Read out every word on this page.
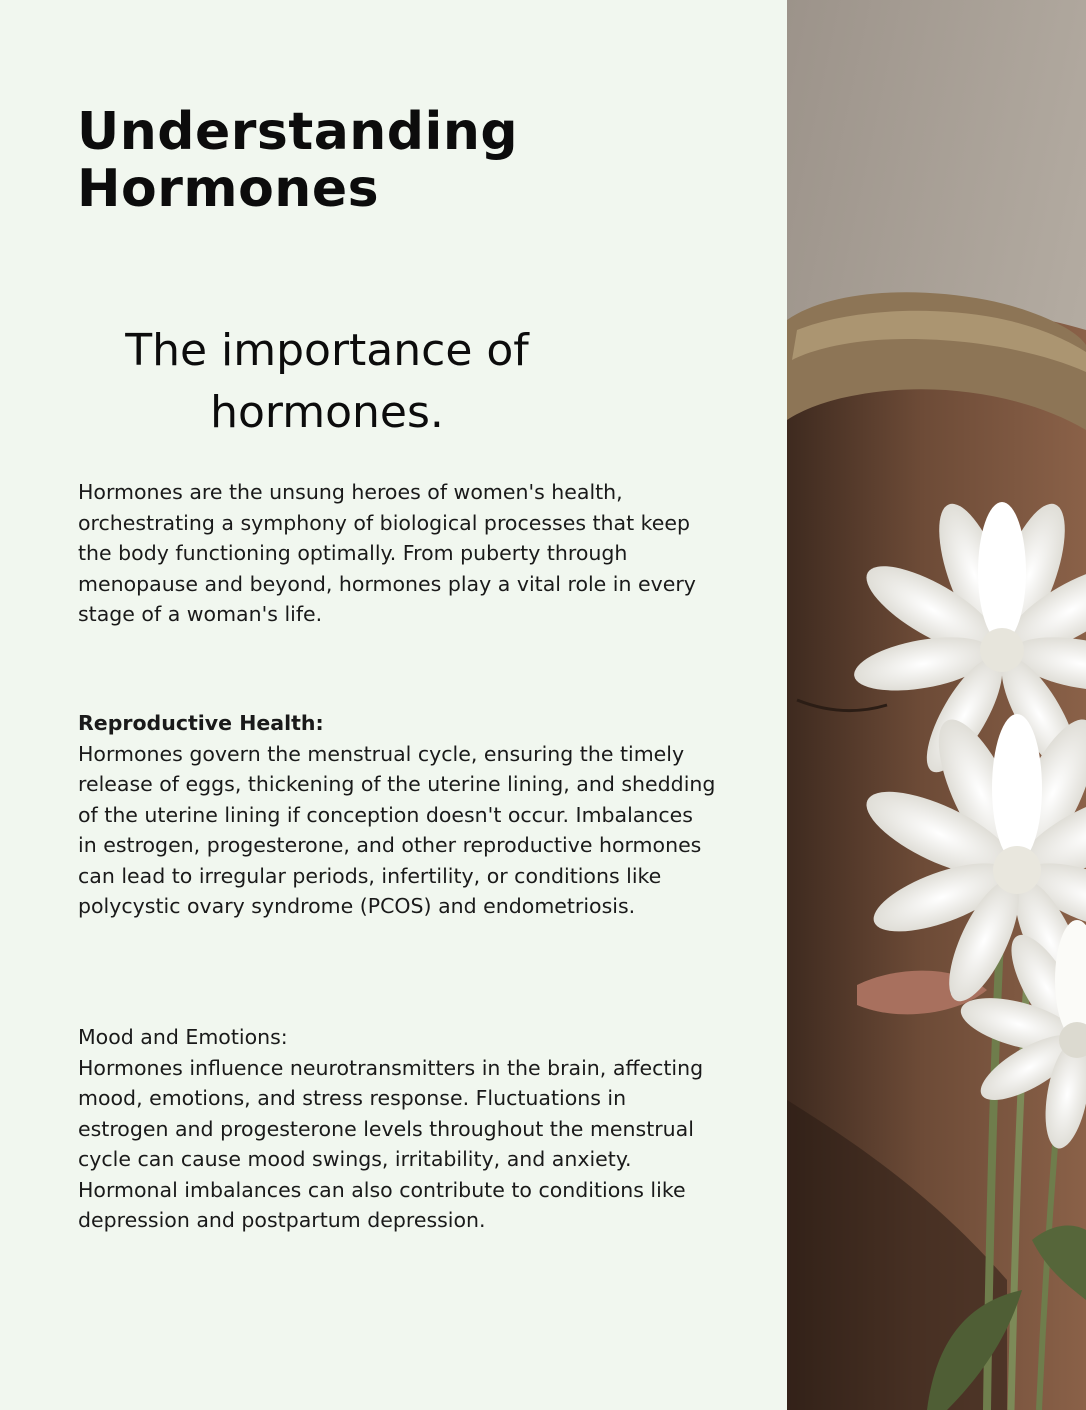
Understanding Hormones
The importance of hormones.

Hormones are the unsung heroes of women's health, orchestrating a symphony of biological processes that keep the body functioning optimally. From puberty through menopause and beyond, hormones play a vital role in every stage of a woman's life.

Reproductive Health:
Hormones govern the menstrual cycle, ensuring the timely release of eggs, thickening of the uterine lining, and shedding of the uterine lining if conception doesn't occur. Imbalances in estrogen, progesterone, and other reproductive hormones can lead to irregular periods, infertility, or conditions like polycystic ovary syndrome (PCOS) and endometriosis.
Mood and Emotions:
Hormones influence neurotransmitters in the brain, affecting mood, emotions, and stress response. Fluctuations in estrogen and progesterone levels throughout the menstrual cycle can cause mood swings, irritability, and anxiety. Hormonal imbalances can also contribute to conditions like depression and postpartum depression.
